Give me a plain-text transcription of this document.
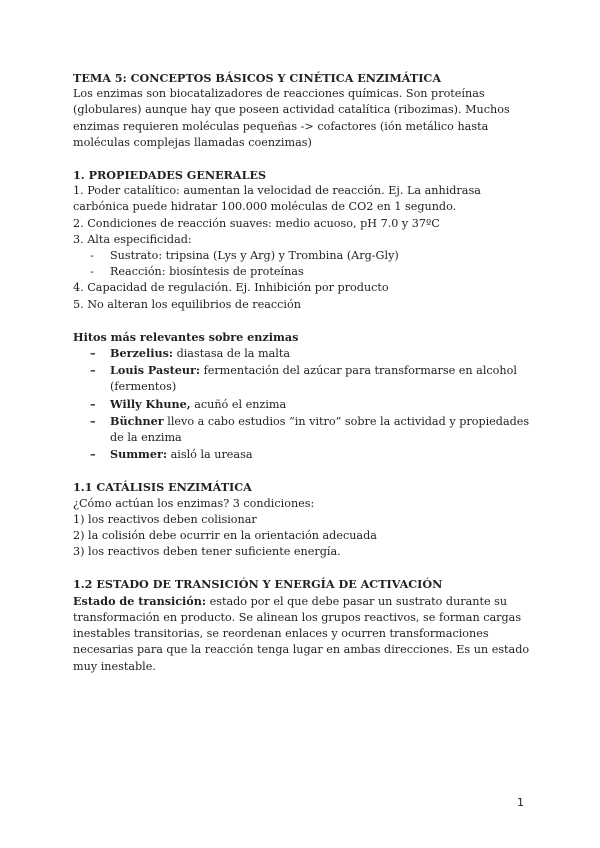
TEMA 5: CONCEPTOS BÁSICOS Y CINÉTICA ENZIMÁTICA

Los enzimas son biocatalizadores de reacciones químicas. Son proteínas (globulares) aunque hay que poseen actividad catalítica (ribozimas). Muchos enzimas requieren moléculas pequeñas -> cofactores (ión metálico hasta moléculas complejas llamadas coenzimas)

1. PROPIEDADES GENERALES

1. Poder catalítico: aumentan la velocidad de reacción. Ej. La anhidrasa carbónica puede hidratar 100.000 moléculas de CO2 en 1 segundo.

2. Condiciones de reacción suaves: medio acuoso, pH 7.0 y 37ºC

3. Alta especificidad:

- Sustrato: tripsina (Lys y Arg) y Trombina (Arg-Gly)
- Reacción: biosíntesis de proteínas

4. Capacidad de regulación. Ej. Inhibición por producto

5. No alteran los equilibrios de reacción

Hitos más relevantes sobre enzimas

– Berzelius: diastasa de la malta
– Louis Pasteur: fermentación del azúcar para transformarse en alcohol (fermentos)
– Willy Khune, acuñó el enzima
– Büchner llevo a cabo estudios “in vitro” sobre la actividad y propiedades de la enzima
– Summer: aisló la ureasa

1.1 CATÁLISIS ENZIMÁTICA

¿Cómo actúan los enzimas? 3 condiciones:

1) los reactivos deben colisionar

2) la colisión debe ocurrir en la orientación adecuada

3) los reactivos deben tener suficiente energía.

1.2 ESTADO DE TRANSICIÓN Y ENERGÍA DE ACTIVACIÓN

Estado de transición: estado por el que debe pasar un sustrato durante su transformación en producto. Se alinean los grupos reactivos, se forman cargas inestables transitorias, se reordenan enlaces y ocurren transformaciones necesarias para que la reacción tenga lugar en ambas direcciones. Es un estado muy inestable.

1
